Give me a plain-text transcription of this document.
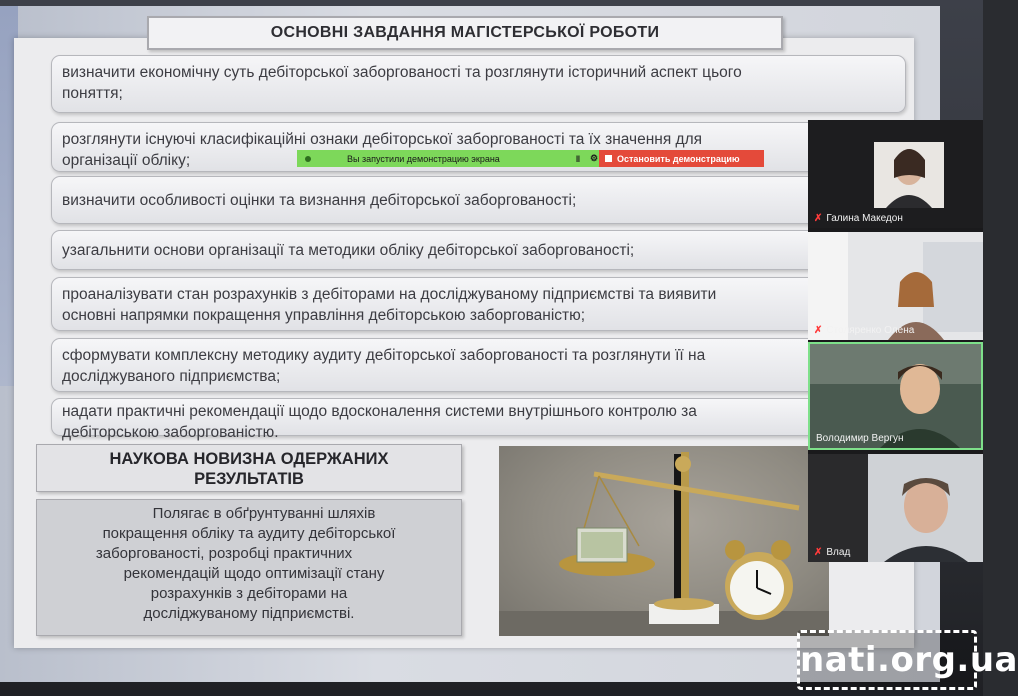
ОСНОВНІ ЗАВДАННЯ МАГІСТЕРСЬКОЇ РОБОТИ
визначити економічну суть дебіторської заборгованості та розглянути історичний аспект цього
поняття;
розглянути існуючі класифікаційні ознаки дебіторської заборгованості та їх значення для
організації обліку;
визначити особливості оцінки та визнання дебіторської заборгованості;
узагальнити основи організації та методики обліку дебіторської заборгованості;
проаналізувати стан розрахунків з дебіторами на досліджуваному підприємстві та виявити
основні напрямки покращення управління дебіторською заборгованістю;
сформувати комплексну методику аудиту дебіторської заборгованості та розглянути її на
досліджуваного підприємства;
надати практичні рекомендації щодо вдосконалення системи внутрішнього контролю за
дебіторською заборгованістю.
НАУКОВА НОВИЗНА ОДЕРЖАНИХ
РЕЗУЛЬТАТІВ
Полягає в обґрунтуванні шляхів
покращення обліку та аудиту дебіторської
заборгованості, розробці практичних
рекомендацій щодо оптимізації стану
розрахунків з дебіторами на
досліджуваному підприємстві.
Вы запустили демонстрацию экрана	‖	⚙ Остановить демонстрацию
✗ Галина Македон
✗ Столяренко Олена
Володимир Вергун
✗ Влад
nati.org.ua
